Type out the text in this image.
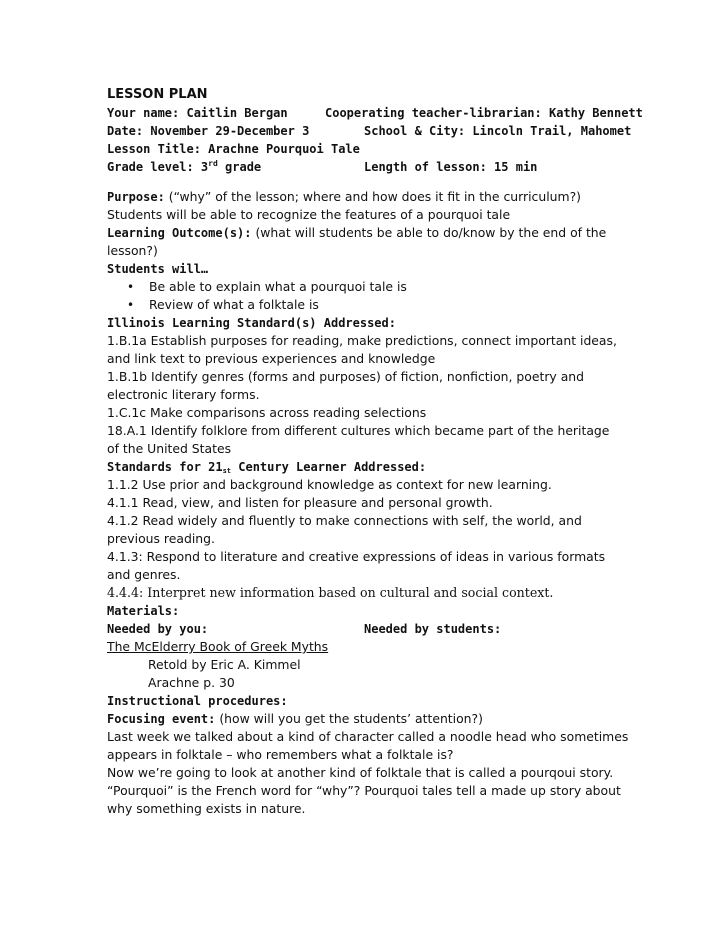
LESSON PLAN
Your name: Caitlin Bergan	Cooperating teacher-librarian: Kathy Bennett
Date: November 29-December 3	School & City: Lincoln Trail, Mahomet
Lesson Title: Arachne Pourquoi Tale
Grade level: 3rd grade	Length of lesson: 15 min
Purpose: (“why” of the lesson; where and how does it fit in the curriculum?)
Students will be able to recognize the features of a pourquoi tale
Learning Outcome(s): (what will students be able to do/know by the end of the
lesson?)
Students will…
• Be able to explain what a pourquoi tale is
• Review of what a folktale is
Illinois Learning Standard(s) Addressed:
1.B.1a Establish purposes for reading, make predictions, connect important ideas,
and link text to previous experiences and knowledge
1.B.1b Identify genres (forms and purposes) of fiction, nonfiction, poetry and
electronic literary forms.
1.C.1c Make comparisons across reading selections
18.A.1 Identify folklore from different cultures which became part of the heritage
of the United States
Standards for $21_{st}$ Century Learner Addressed:
1.1.2 Use prior and background knowledge as context for new learning.
4.1.1 Read, view, and listen for pleasure and personal growth.
4.1.2 Read widely and fluently to make connections with self, the world, and
previous reading.
4.1.3: Respond to literature and creative expressions of ideas in various formats
and genres.
4.4.4: Interpret new information based on cultural and social context.
Materials:
Needed by you:	Needed by students:
The McElderry Book of Greek Myths
Retold by Eric A. Kimmel
Arachne p. 30
Instructional procedures:
Focusing event: (how will you get the students’ attention?)
Last week we talked about a kind of character called a noodle head who sometimes
appears in folktale – who remembers what a folktale is?
Now we’re going to look at another kind of folktale that is called a pourqoui story.
“Pourquoi” is the French word for “why”? Pourquoi tales tell a made up story about
why something exists in nature.
